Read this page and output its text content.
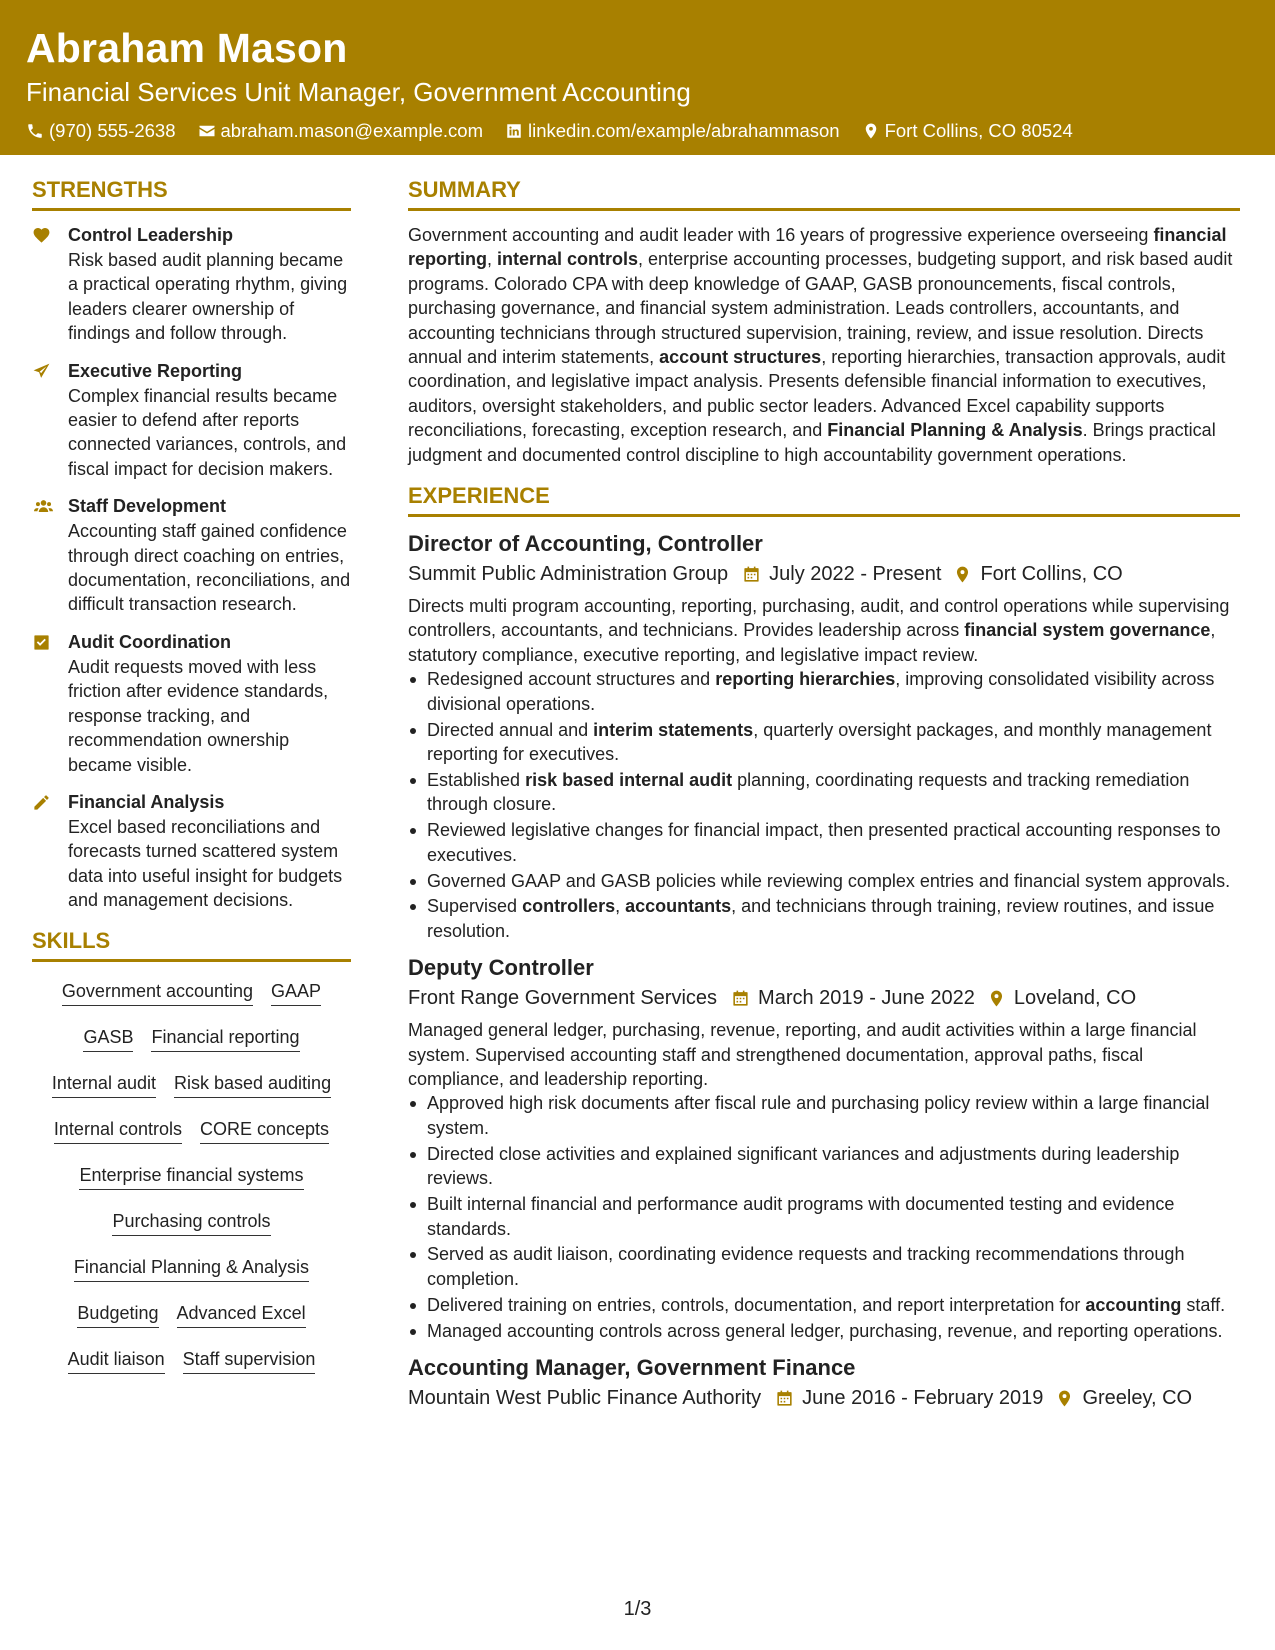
Abraham Mason
Financial Services Unit Manager, Government Accounting
(970) 555-2638 abraham.mason@example.com linkedin.com/example/abrahammason Fort Collins, CO 80524
STRENGTHS
Control Leadership
Risk based audit planning became a practical operating rhythm, giving leaders clearer ownership of findings and follow through.
Executive Reporting
Complex financial results became easier to defend after reports connected variances, controls, and fiscal impact for decision makers.
Staff Development
Accounting staff gained confidence through direct coaching on entries, documentation, reconciliations, and difficult transaction research.
Audit Coordination
Audit requests moved with less friction after evidence standards, response tracking, and recommendation ownership became visible.
Financial Analysis
Excel based reconciliations and forecasts turned scattered system data into useful insight for budgets and management decisions.
SKILLS
Government accounting GAAP
GASB Financial reporting
Internal audit Risk based auditing
Internal controls CORE concepts
Enterprise financial systems
Purchasing controls
Financial Planning & Analysis
Budgeting Advanced Excel
Audit liaison Staff supervision
SUMMARY
Government accounting and audit leader with 16 years of progressive experience overseeing financial reporting, internal controls, enterprise accounting processes, budgeting support, and risk based audit programs. Colorado CPA with deep knowledge of GAAP, GASB pronouncements, fiscal controls, purchasing governance, and financial system administration. Leads controllers, accountants, and accounting technicians through structured supervision, training, review, and issue resolution. Directs annual and interim statements, account structures, reporting hierarchies, transaction approvals, audit coordination, and legislative impact analysis. Presents defensible financial information to executives, auditors, oversight stakeholders, and public sector leaders. Advanced Excel capability supports reconciliations, forecasting, exception research, and Financial Planning & Analysis. Brings practical judgment and documented control discipline to high accountability government operations.
EXPERIENCE
Director of Accounting, Controller
Summit Public Administration Group July 2022 - Present Fort Collins, CO
Directs multi program accounting, reporting, purchasing, audit, and control operations while supervising controllers, accountants, and technicians. Provides leadership across financial system governance, statutory compliance, executive reporting, and legislative impact review.
Redesigned account structures and reporting hierarchies, improving consolidated visibility across divisional operations.
Directed annual and interim statements, quarterly oversight packages, and monthly management reporting for executives.
Established risk based internal audit planning, coordinating requests and tracking remediation through closure.
Reviewed legislative changes for financial impact, then presented practical accounting responses to executives.
Governed GAAP and GASB policies while reviewing complex entries and financial system approvals.
Supervised controllers, accountants, and technicians through training, review routines, and issue resolution.
Deputy Controller
Front Range Government Services March 2019 - June 2022 Loveland, CO
Managed general ledger, purchasing, revenue, reporting, and audit activities within a large financial system. Supervised accounting staff and strengthened documentation, approval paths, fiscal compliance, and leadership reporting.
Approved high risk documents after fiscal rule and purchasing policy review within a large financial system.
Directed close activities and explained significant variances and adjustments during leadership reviews.
Built internal financial and performance audit programs with documented testing and evidence standards.
Served as audit liaison, coordinating evidence requests and tracking recommendations through completion.
Delivered training on entries, controls, documentation, and report interpretation for accounting staff.
Managed accounting controls across general ledger, purchasing, revenue, and reporting operations.
Accounting Manager, Government Finance
Mountain West Public Finance Authority June 2016 - February 2019 Greeley, CO
1/3
